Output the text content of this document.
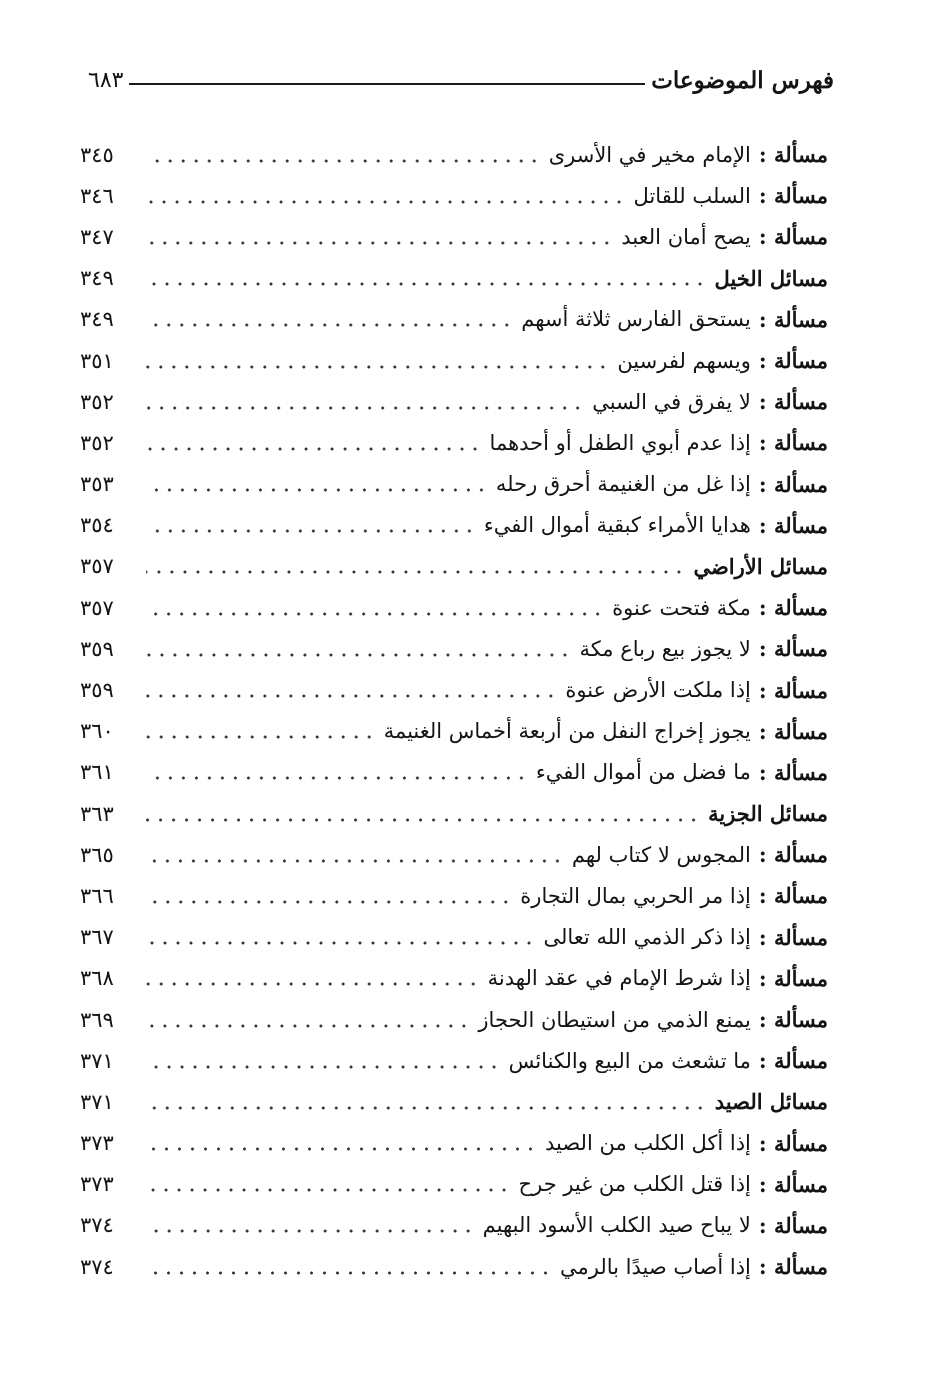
فهرس الموضوعات
٦٨٣
مسألة :
الإمام مخير في الأسرى
٣٤٥
مسألة :
السلب للقاتل
٣٤٦
مسألة :
يصح أمان العبد
٣٤٧
مسائل الخيل
٣٤٩
مسألة :
يستحق الفارس ثلاثة أسهم
٣٤٩
مسألة :
ويسهم لفرسين
٣٥١
مسألة :
لا يفرق في السبي
٣٥٢
مسألة :
إذا عدم أبوي الطفل أو أحدهما
٣٥٢
مسألة :
إذا غل من الغنيمة أحرق رحله
٣٥٣
مسألة :
هدايا الأمراء كبقية أموال الفيء
٣٥٤
مسائل الأراضي
٣٥٧
مسألة :
مكة فتحت عنوة
٣٥٧
مسألة :
لا يجوز بيع رباع مكة
٣٥٩
مسألة :
إذا ملكت الأرض عنوة
٣٥٩
مسألة :
يجوز إخراج النفل من أربعة أخماس الغنيمة
٣٦٠
مسألة :
ما فضل من أموال الفيء
٣٦١
مسائل الجزية
٣٦٣
مسألة :
المجوس لا كتاب لهم
٣٦٥
مسألة :
إذا مر الحربي بمال التجارة
٣٦٦
مسألة :
إذا ذكر الذمي الله تعالى
٣٦٧
مسألة :
إذا شرط الإمام في عقد الهدنة
٣٦٨
مسألة :
يمنع الذمي من استيطان الحجاز
٣٦٩
مسألة :
ما تشعث من البيع والكنائس
٣٧١
مسائل الصيد
٣٧١
مسألة :
إذا أكل الكلب من الصيد
٣٧٣
مسألة :
إذا قتل الكلب من غير جرح
٣٧٣
مسألة :
لا يباح صيد الكلب الأسود البهيم
٣٧٤
مسألة :
إذا أصاب صيدًا بالرمي
٣٧٤
